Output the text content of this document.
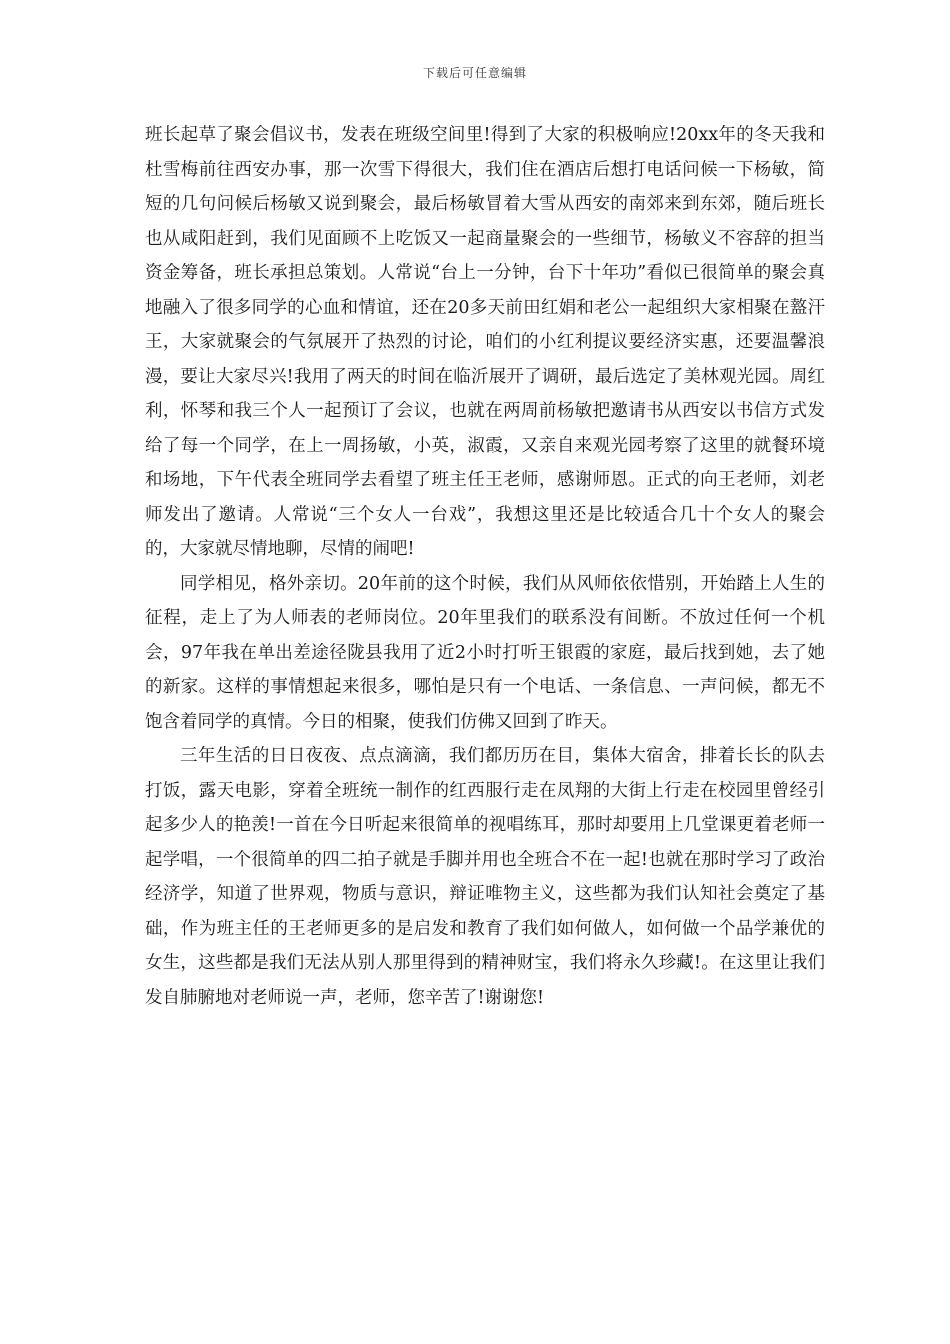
下载后可任意编辑

班长起草了聚会倡议书，发表在班级空间里!得到了大家的积极响应!20xx年的冬天我和杜雪梅前往西安办事，那一次雪下得很大，我们住在酒店后想打电话问候一下杨敏，简短的几句问候后杨敏又说到聚会，最后杨敏冒着大雪从西安的南郊来到东郊，随后班长也从咸阳赶到，我们见面顾不上吃饭又一起商量聚会的一些细节，杨敏义不容辞的担当资金筹备，班长承担总策划。人常说“台上一分钟，台下十年功”看似已很简单的聚会真地融入了很多同学的心血和情谊，还在20多天前田红娟和老公一起组织大家相聚在盩汗王，大家就聚会的气氛展开了热烈的讨论，咱们的小红利提议要经济实惠，还要温馨浪漫，要让大家尽兴!我用了两天的时间在临沂展开了调研，最后选定了美林观光园。周红利，怀琴和我三个人一起预订了会议，也就在两周前杨敏把邀请书从西安以书信方式发给了每一个同学，在上一周扬敏，小英，淑霞，又亲自来观光园考察了这里的就餐环境和场地，下午代表全班同学去看望了班主任王老师，感谢师恩。正式的向王老师，刘老师发出了邀请。人常说“三个女人一台戏”，我想这里还是比较适合几十个女人的聚会的，大家就尽情地聊，尽情的闹吧!

同学相见，格外亲切。20年前的这个时候，我们从风师依依惜别，开始踏上人生的征程，走上了为人师表的老师岗位。20年里我们的联系没有间断。不放过任何一个机会，97年我在单出差途径陇县我用了近2小时打听王银霞的家庭，最后找到她，去了她的新家。这样的事情想起来很多，哪怕是只有一个电话、一条信息、一声问候，都无不饱含着同学的真情。今日的相聚，使我们仿佛又回到了昨天。

三年生活的日日夜夜、点点滴滴，我们都历历在目，集体大宿舍，排着长长的队去打饭，露天电影，穿着全班统一制作的红西服行走在凤翔的大街上行走在校园里曾经引起多少人的艳羡!一首在今日听起来很简单的视唱练耳，那时却要用上几堂课更着老师一起学唱，一个很简单的四二拍子就是手脚并用也全班合不在一起!也就在那时学习了政治经济学，知道了世界观，物质与意识，辩证唯物主义，这些都为我们认知社会奠定了基础，作为班主任的王老师更多的是启发和教育了我们如何做人，如何做一个品学兼优的女生，这些都是我们无法从别人那里得到的精神财宝，我们将永久珍藏!。在这里让我们发自肺腑地对老师说一声，老师，您辛苦了!谢谢您!
